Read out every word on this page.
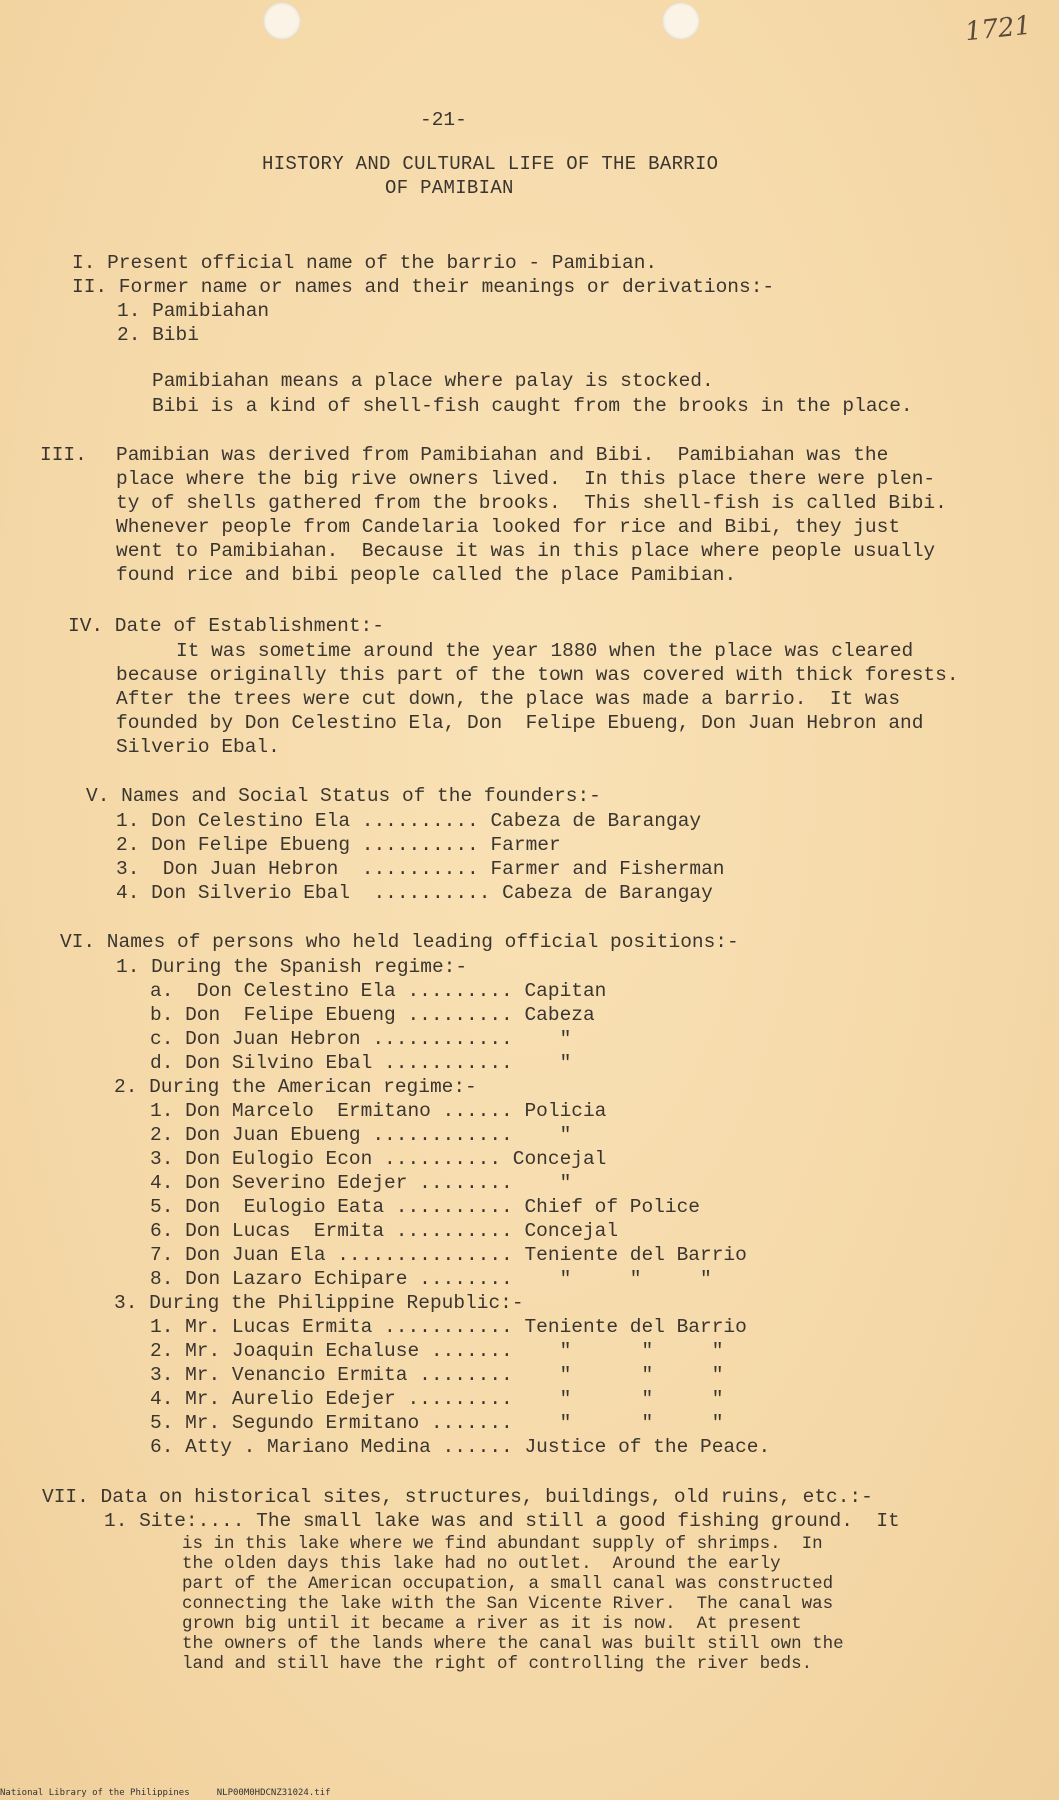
1721
-21-
HISTORY AND CULTURAL LIFE OF THE BARRIO
OF PAMIBIAN
I. Present official name of the barrio - Pamibian.
II. Former name or names and their meanings or derivations:-
1. Pamibiahan
2. Bibi
Pamibiahan means a place where palay is stocked.
Bibi is a kind of shell-fish caught from the brooks in the place.
III. Pamibian was derived from Pamibiahan and Bibi.  Pamibiahan was the
place where the big rive owners lived.  In this place there were plen-
ty of shells gathered from the brooks.  This shell-fish is called Bibi.
Whenever people from Candelaria looked for rice and Bibi, they just
went to Pamibiahan.  Because it was in this place where people usually
found rice and bibi people called the place Pamibian.
IV. Date of Establishment:-
It was sometime around the year 1880 when the place was cleared
because originally this part of the town was covered with thick forests.
After the trees were cut down, the place was made a barrio.  It was
founded by Don Celestino Ela, Don  Felipe Ebueng, Don Juan Hebron and
Silverio Ebal.
V. Names and Social Status of the founders:-
1. Don Celestino Ela .......... Cabeza de Barangay
2. Don Felipe Ebueng .......... Farmer
3.  Don Juan Hebron  .......... Farmer and Fisherman
4. Don Silverio Ebal  .......... Cabeza de Barangay
VI. Names of persons who held leading official positions:-
1. During the Spanish regime:-
a.  Don Celestino Ela ......... Capitan
b. Don  Felipe Ebueng ......... Cabeza
c. Don Juan Hebron ............    "
d. Don Silvino Ebal ...........    "
2. During the American regime:-
1. Don Marcelo  Ermitano ...... Policia
2. Don Juan Ebueng ............    "
3. Don Eulogio Econ .......... Concejal
4. Don Severino Edejer ........    "
5. Don  Eulogio Eata .......... Chief of Police
6. Don Lucas  Ermita .......... Concejal
7. Don Juan Ela ............... Teniente del Barrio
8. Don Lazaro Echipare ........    "     "     "
3. During the Philippine Republic:-
1. Mr. Lucas Ermita ........... Teniente del Barrio
2. Mr. Joaquin Echaluse .......    "      "     "
3. Mr. Venancio Ermita ........    "      "     "
4. Mr. Aurelio Edejer .........    "      "     "
5. Mr. Segundo Ermitano .......    "      "     "
6. Atty . Mariano Medina ...... Justice of the Peace.
VII. Data on historical sites, structures, buildings, old ruins, etc.:-
1. Site:.... The small lake was and still a good fishing ground.  It
is in this lake where we find abundant supply of shrimps.  In
the olden days this lake had no outlet.  Around the early
part of the American occupation, a small canal was constructed
connecting the lake with the San Vicente River.  The canal was
grown big until it became a river as it is now.  At present
the owners of the lands where the canal was built still own the
land and still have the right of controlling the river beds.
National Library of the Philippines     NLP00M0HDCNZ31024.tif
